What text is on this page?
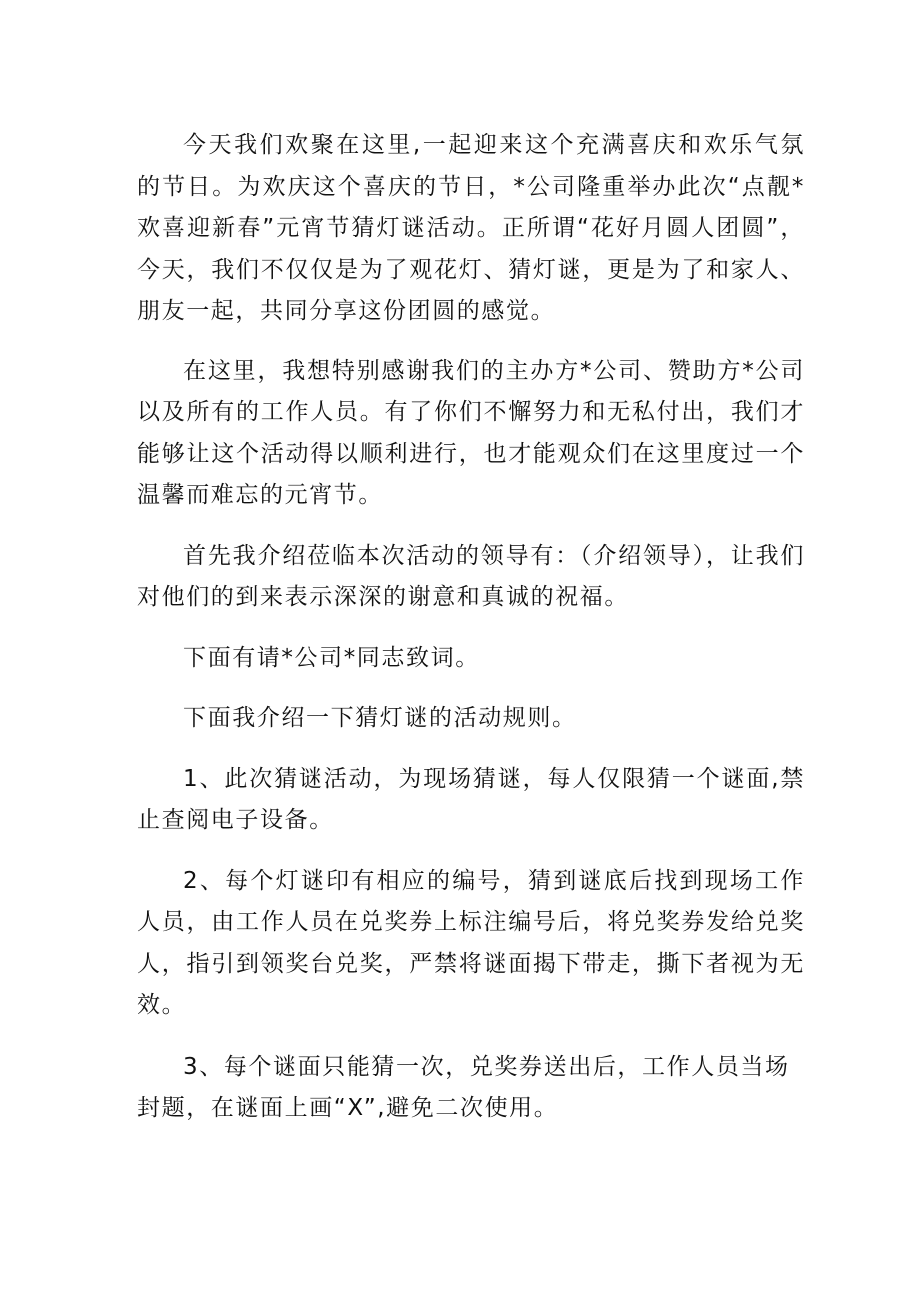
今天我们欢聚在这里,一起迎来这个充满喜庆和欢乐气氛的节日。为欢庆这个喜庆的节日，*公司隆重举办此次“点靓*欢喜迎新春”元宵节猜灯谜活动。正所谓“花好月圆人团圆”，今天，我们不仅仅是为了观花灯、猜灯谜，更是为了和家人、朋友一起，共同分享这份团圆的感觉。

在这里，我想特别感谢我们的主办方*公司、赞助方*公司以及所有的工作人员。有了你们不懈努力和无私付出，我们才能够让这个活动得以顺利进行，也才能观众们在这里度过一个温馨而难忘的元宵节。

首先我介绍莅临本次活动的领导有：（介绍领导），让我们对他们的到来表示深深的谢意和真诚的祝福。

下面有请*公司*同志致词。

下面我介绍一下猜灯谜的活动规则。

1、此次猜谜活动，为现场猜谜，每人仅限猜一个谜面,禁止查阅电子设备。

2、每个灯谜印有相应的编号，猜到谜底后找到现场工作人员，由工作人员在兑奖券上标注编号后，将兑奖券发给兑奖人，指引到领奖台兑奖，严禁将谜面揭下带走，撕下者视为无效。

3、每个谜面只能猜一次，兑奖券送出后，工作人员当场

封题，在谜面上画“X”,避免二次使用。
